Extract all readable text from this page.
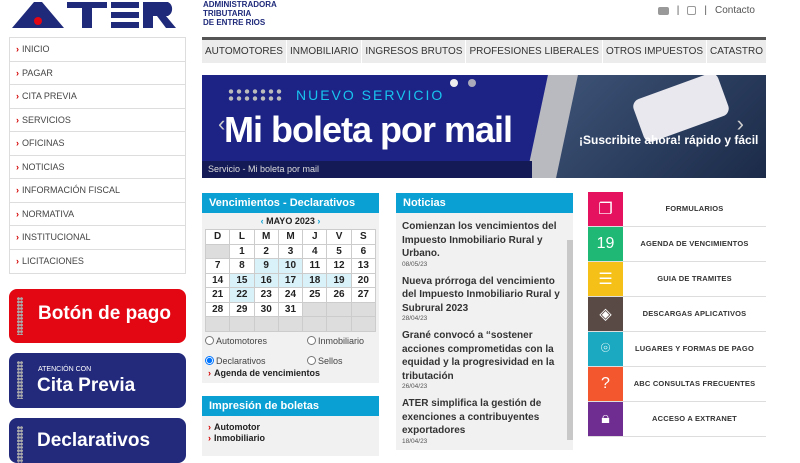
ADMINISTRADORA
TRIBUTARIA
DE ENTRE RIOS
|	| Contacto
AUTOMOTORES INMOBILIARIO INGRESOS BRUTOS PROFESIONES LIBERALES OTROS IMPUESTOS CATASTRO
› INICIO
› PAGAR
› CITA PREVIA
› SERVICIOS
› OFICINAS
› NOTICIAS
› INFORMACIÓN FISCAL
› NORMATIVA
› INSTITUCIONAL
› LICITACIONES
Botón de pago
ATENCIÓN CON
Cita Previa
Declarativos
NUEVO SERVICIO
Mi boleta por mail	¡Suscribite ahora! rápido y fácil
‹	›
Servicio - Mi boleta por mail
Vencimientos - Declarativos
‹ MAYO 2023 ›
D	L	M	M	J	V	S
	1	2	3	4	5	6
7	8	9	10	11	12	13
14	15	16	17	18	19	20
21	22	23	24	25	26	27
28	29	30	31			

Automotores	Inmobiliario
Declarativos	Sellos
› Agenda de vencimientos
Impresión de boletas
› Automotor
› Inmobiliario
Noticias
Comienzan los vencimientos del Impuesto Inmobiliario Rural y Urbano.
08/05/23
Nueva prórroga del vencimiento del Impuesto Inmobiliario Rural y Subrural 2023
28/04/23
Grané convocó a “sostener acciones comprometidas con la equidad y la progresividad en la tributación
26/04/23
ATER simplifica la gestión de exenciones a contribuyentes exportadores
18/04/23
❐	FORMULARIOS
19	AGENDA DE VENCIMIENTOS
☰	GUIA DE TRAMITES
◈	DESCARGAS APLICATIVOS
⌾	LUGARES Y FORMAS DE PAGO
?	ABC CONSULTAS FRECUENTES
🔒︎	ACCESO A EXTRANET
